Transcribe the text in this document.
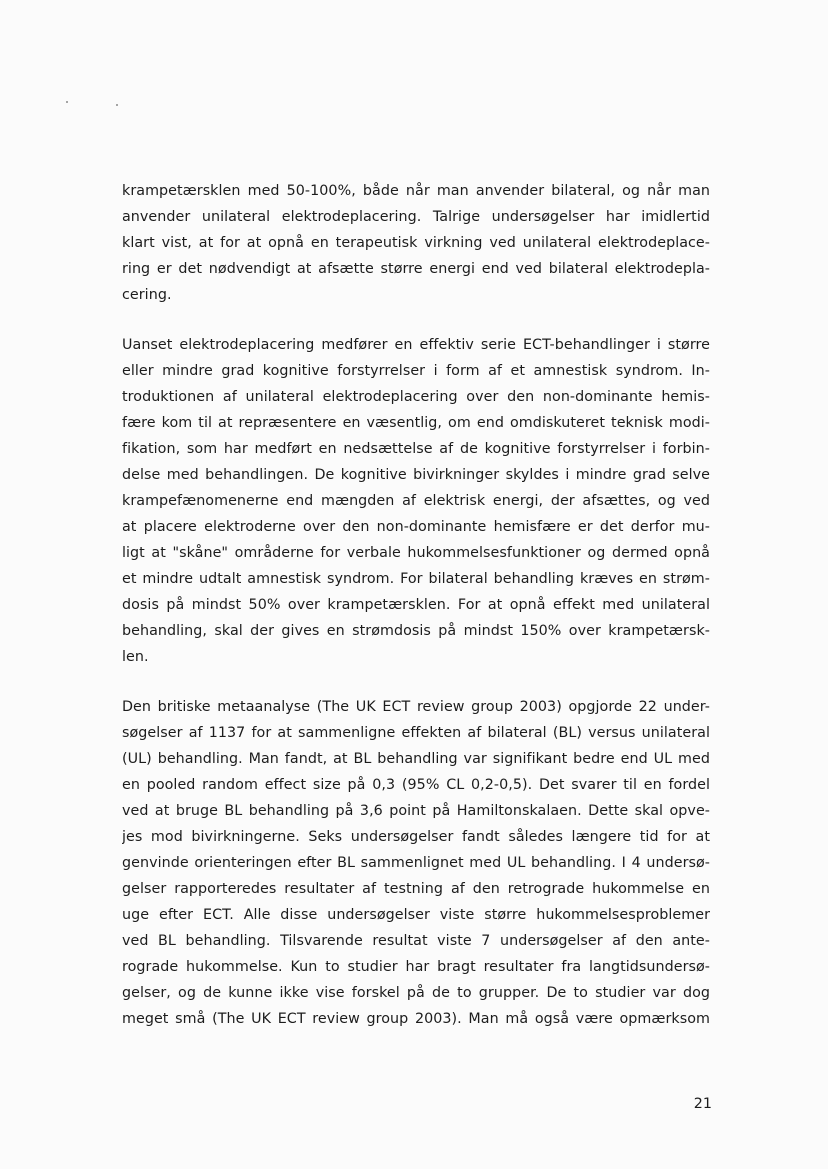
krampetærsklen med 50-100%, både når man anvender bilateral, og når man
anvender unilateral elektrodeplacering. Talrige undersøgelser har imidlertid
klart vist, at for at opnå en terapeutisk virkning ved unilateral elektrodeplace-
ring er det nødvendigt at afsætte større energi end ved bilateral elektrodepla-
cering.
Uanset elektrodeplacering medfører en effektiv serie ECT-behandlinger i større
eller mindre grad kognitive forstyrrelser i form af et amnestisk syndrom. In-
troduktionen af unilateral elektrodeplacering over den non-dominante hemis-
fære kom til at repræsentere en væsentlig, om end omdiskuteret teknisk modi-
fikation, som har medført en nedsættelse af de kognitive forstyrrelser i forbin-
delse med behandlingen. De kognitive bivirkninger skyldes i mindre grad selve
krampefænomenerne end mængden af elektrisk energi, der afsættes, og ved
at placere elektroderne over den non-dominante hemisfære er det derfor mu-
ligt at "skåne" områderne for verbale hukommelsesfunktioner og dermed opnå
et mindre udtalt amnestisk syndrom. For bilateral behandling kræves en strøm-
dosis på mindst 50% over krampetærsklen. For at opnå effekt med unilateral
behandling, skal der gives en strømdosis på mindst 150% over krampetærsk-
len.
Den britiske metaanalyse (The UK ECT review group 2003) opgjorde 22 under-
søgelser af 1137 for at sammenligne effekten af bilateral (BL) versus unilateral
(UL) behandling. Man fandt, at BL behandling var signifikant bedre end UL med
en pooled random effect size på 0,3 (95% CL 0,2-0,5). Det svarer til en fordel
ved at bruge BL behandling på 3,6 point på Hamiltonskalaen. Dette skal opve-
jes mod bivirkningerne. Seks undersøgelser fandt således længere tid for at
genvinde orienteringen efter BL sammenlignet med UL behandling. I 4 undersø-
gelser rapporteredes resultater af testning af den retrograde hukommelse en
uge efter ECT. Alle disse undersøgelser viste større hukommelsesproblemer
ved BL behandling. Tilsvarende resultat viste 7 undersøgelser af den ante-
rograde hukommelse. Kun to studier har bragt resultater fra langtidsundersø-
gelser, og de kunne ikke vise forskel på de to grupper. De to studier var dog
meget små (The UK ECT review group 2003). Man må også være opmærksom
21
